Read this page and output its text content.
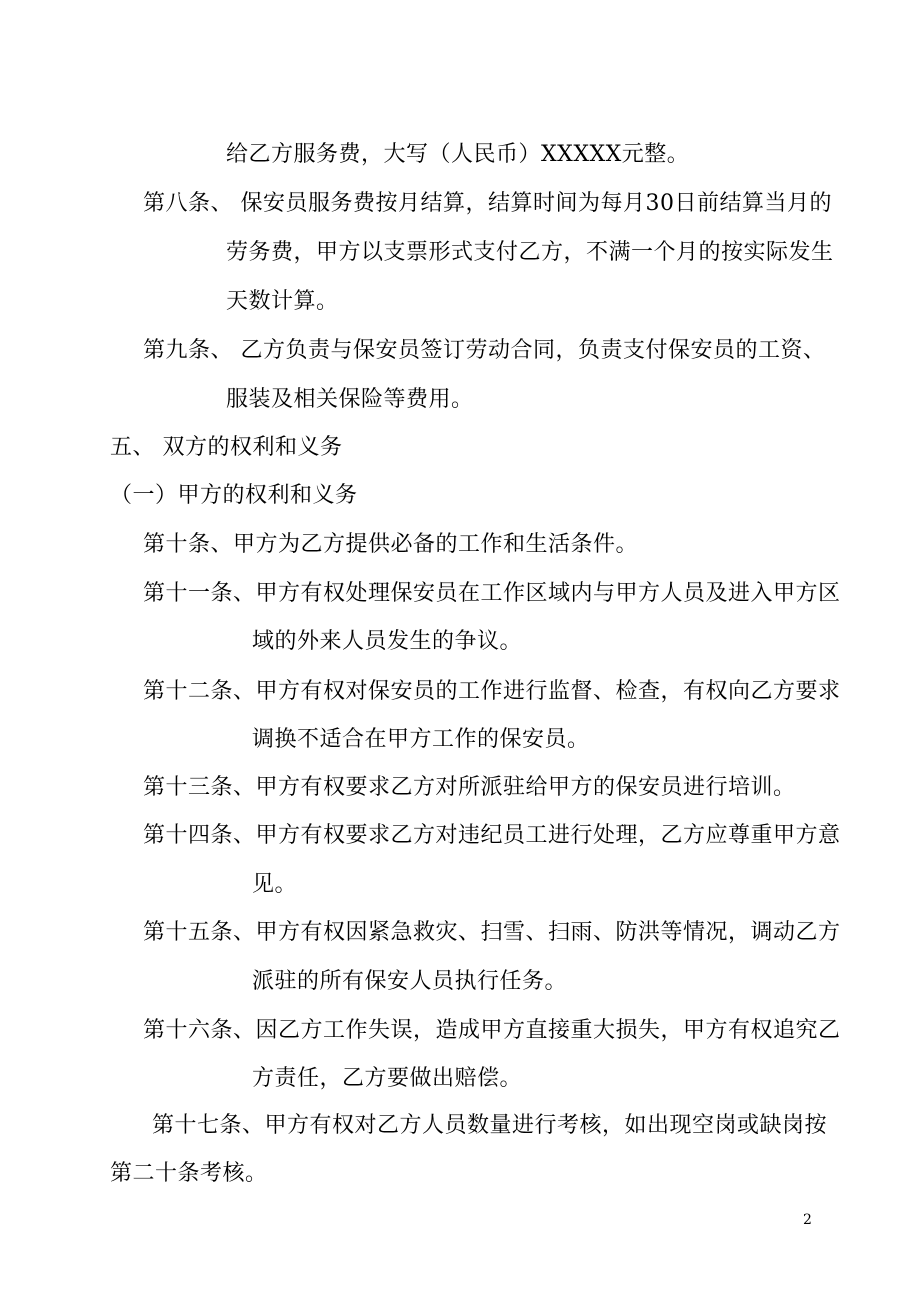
给乙方服务费，大写（人民币）XXXXX元整。
第八条、 保安员服务费按月结算，结算时间为每月30日前结算当月的
劳务费，甲方以支票形式支付乙方，不满一个月的按实际发生
天数计算。
第九条、 乙方负责与保安员签订劳动合同，负责支付保安员的工资、
服装及相关保险等费用。
五、 双方的权利和义务
（一）甲方的权利和义务
第十条、甲方为乙方提供必备的工作和生活条件。
第十一条、甲方有权处理保安员在工作区域内与甲方人员及进入甲方区
域的外来人员发生的争议。
第十二条、甲方有权对保安员的工作进行监督、检查，有权向乙方要求
调换不适合在甲方工作的保安员。
第十三条、甲方有权要求乙方对所派驻给甲方的保安员进行培训。
第十四条、甲方有权要求乙方对违纪员工进行处理，乙方应尊重甲方意
见。
第十五条、甲方有权因紧急救灾、扫雪、扫雨、防洪等情况，调动乙方
派驻的所有保安人员执行任务。
第十六条、因乙方工作失误，造成甲方直接重大损失，甲方有权追究乙
方责任，乙方要做出赔偿。
第十七条、甲方有权对乙方人员数量进行考核，如出现空岗或缺岗按
第二十条考核。
2
